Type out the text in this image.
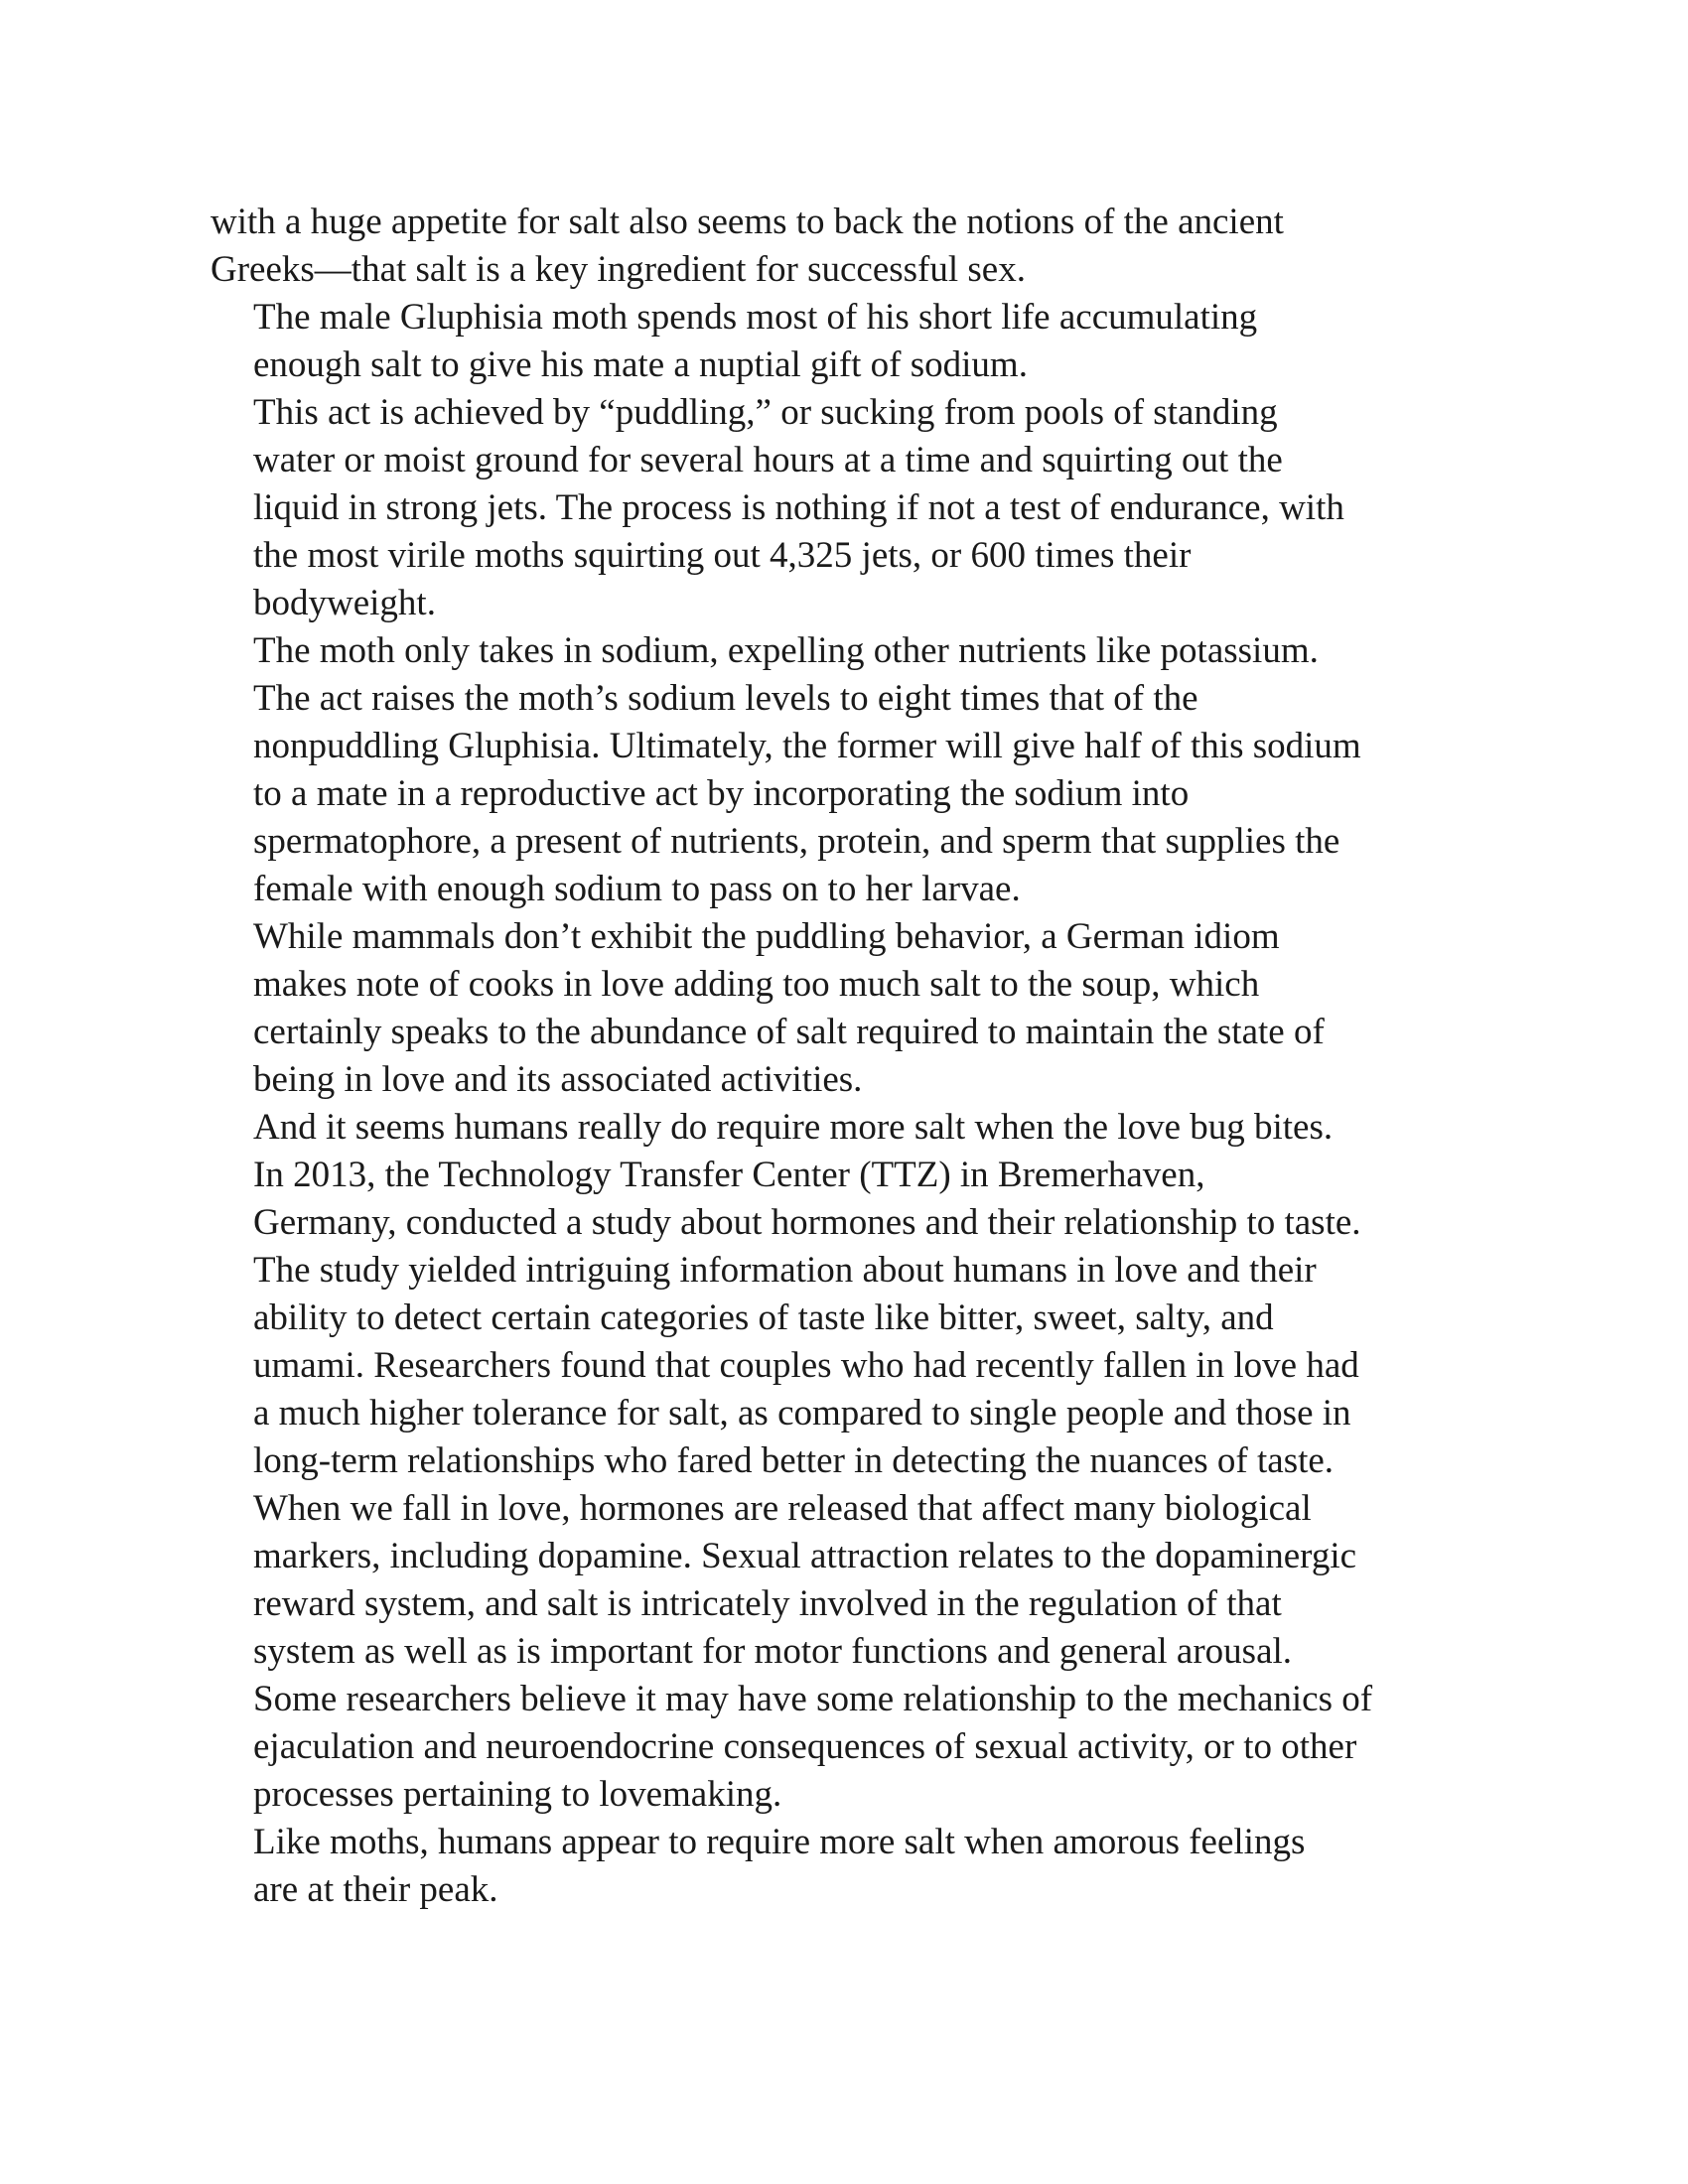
with a huge appetite for salt also seems to back the notions of the ancient
Greeks—that salt is a key ingredient for successful sex.

The male Gluphisia moth spends most of his short life accumulating
enough salt to give his mate a nuptial gift of sodium.

This act is achieved by “puddling,” or sucking from pools of standing
water or moist ground for several hours at a time and squirting out the
liquid in strong jets. The process is nothing if not a test of endurance, with
the most virile moths squirting out 4,325 jets, or 600 times their
bodyweight.

The moth only takes in sodium, expelling other nutrients like potassium.
The act raises the moth’s sodium levels to eight times that of the
nonpuddling Gluphisia. Ultimately, the former will give half of this sodium
to a mate in a reproductive act by incorporating the sodium into
spermatophore, a present of nutrients, protein, and sperm that supplies the
female with enough sodium to pass on to her larvae.

While mammals don’t exhibit the puddling behavior, a German idiom
makes note of cooks in love adding too much salt to the soup, which
certainly speaks to the abundance of salt required to maintain the state of
being in love and its associated activities.

And it seems humans really do require more salt when the love bug bites.

In 2013, the Technology Transfer Center (TTZ) in Bremerhaven,
Germany, conducted a study about hormones and their relationship to taste.
The study yielded intriguing information about humans in love and their
ability to detect certain categories of taste like bitter, sweet, salty, and
umami. Researchers found that couples who had recently fallen in love had
a much higher tolerance for salt, as compared to single people and those in
long-term relationships who fared better in detecting the nuances of taste.

When we fall in love, hormones are released that affect many biological
markers, including dopamine. Sexual attraction relates to the dopaminergic
reward system, and salt is intricately involved in the regulation of that
system as well as is important for motor functions and general arousal.
Some researchers believe it may have some relationship to the mechanics of
ejaculation and neuroendocrine consequences of sexual activity, or to other
processes pertaining to lovemaking.

Like moths, humans appear to require more salt when amorous feelings
are at their peak.
